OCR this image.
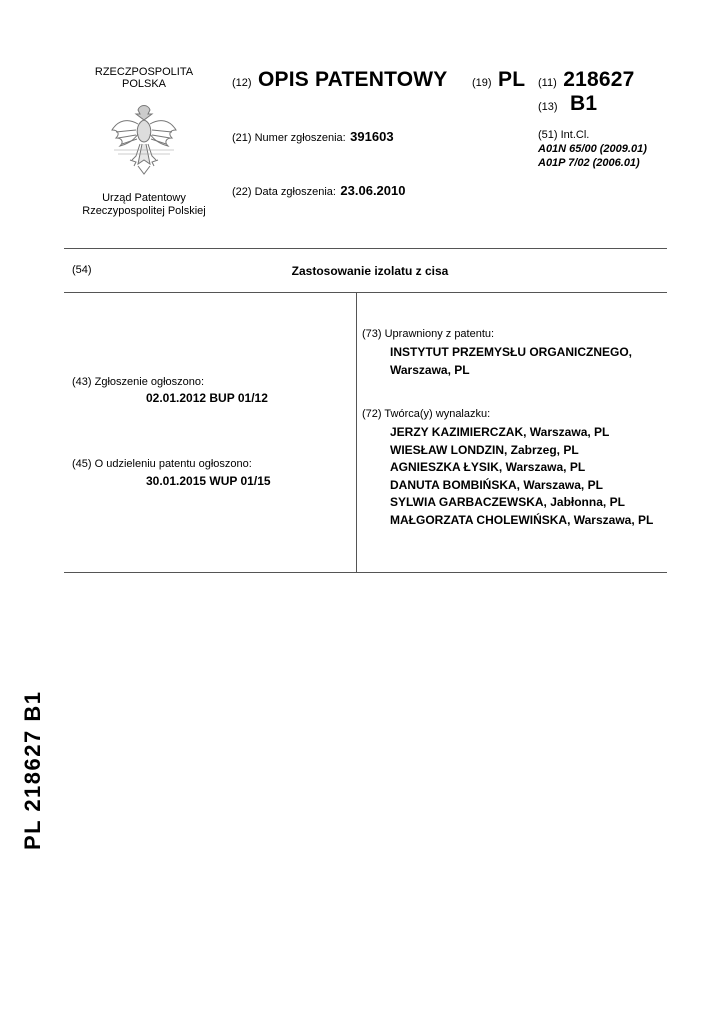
RZECZPOSPOLITA
POLSKA
Urząd Patentowy
Rzeczypospolitej Polskiej
(12) OPIS PATENTOWY (19) PL (11) 218627
(13) B1
(21) Numer zgłoszenia: 391603	(51) Int.Cl.
A01N 65/00 (2009.01)
A01P 7/02 (2006.01)
(22) Data zgłoszenia: 23.06.2010
(54)	Zastosowanie izolatu z cisa
(43) Zgłoszenie ogłoszono:
02.01.2012 BUP 01/12
(45) O udzieleniu patentu ogłoszono:
30.01.2015 WUP 01/15
(73) Uprawniony z patentu:
INSTYTUT PRZEMYSŁU ORGANICZNEGO,
Warszawa, PL
(72) Twórca(y) wynalazku:
JERZY KAZIMIERCZAK, Warszawa, PL
WIESŁAW LONDZIN, Zabrzeg, PL
AGNIESZKA ŁYSIK, Warszawa, PL
DANUTA BOMBIŃSKA, Warszawa, PL
SYLWIA GARBACZEWSKA, Jabłonna, PL
MAŁGORZATA CHOLEWIŃSKA, Warszawa, PL
PL 218627 B1
